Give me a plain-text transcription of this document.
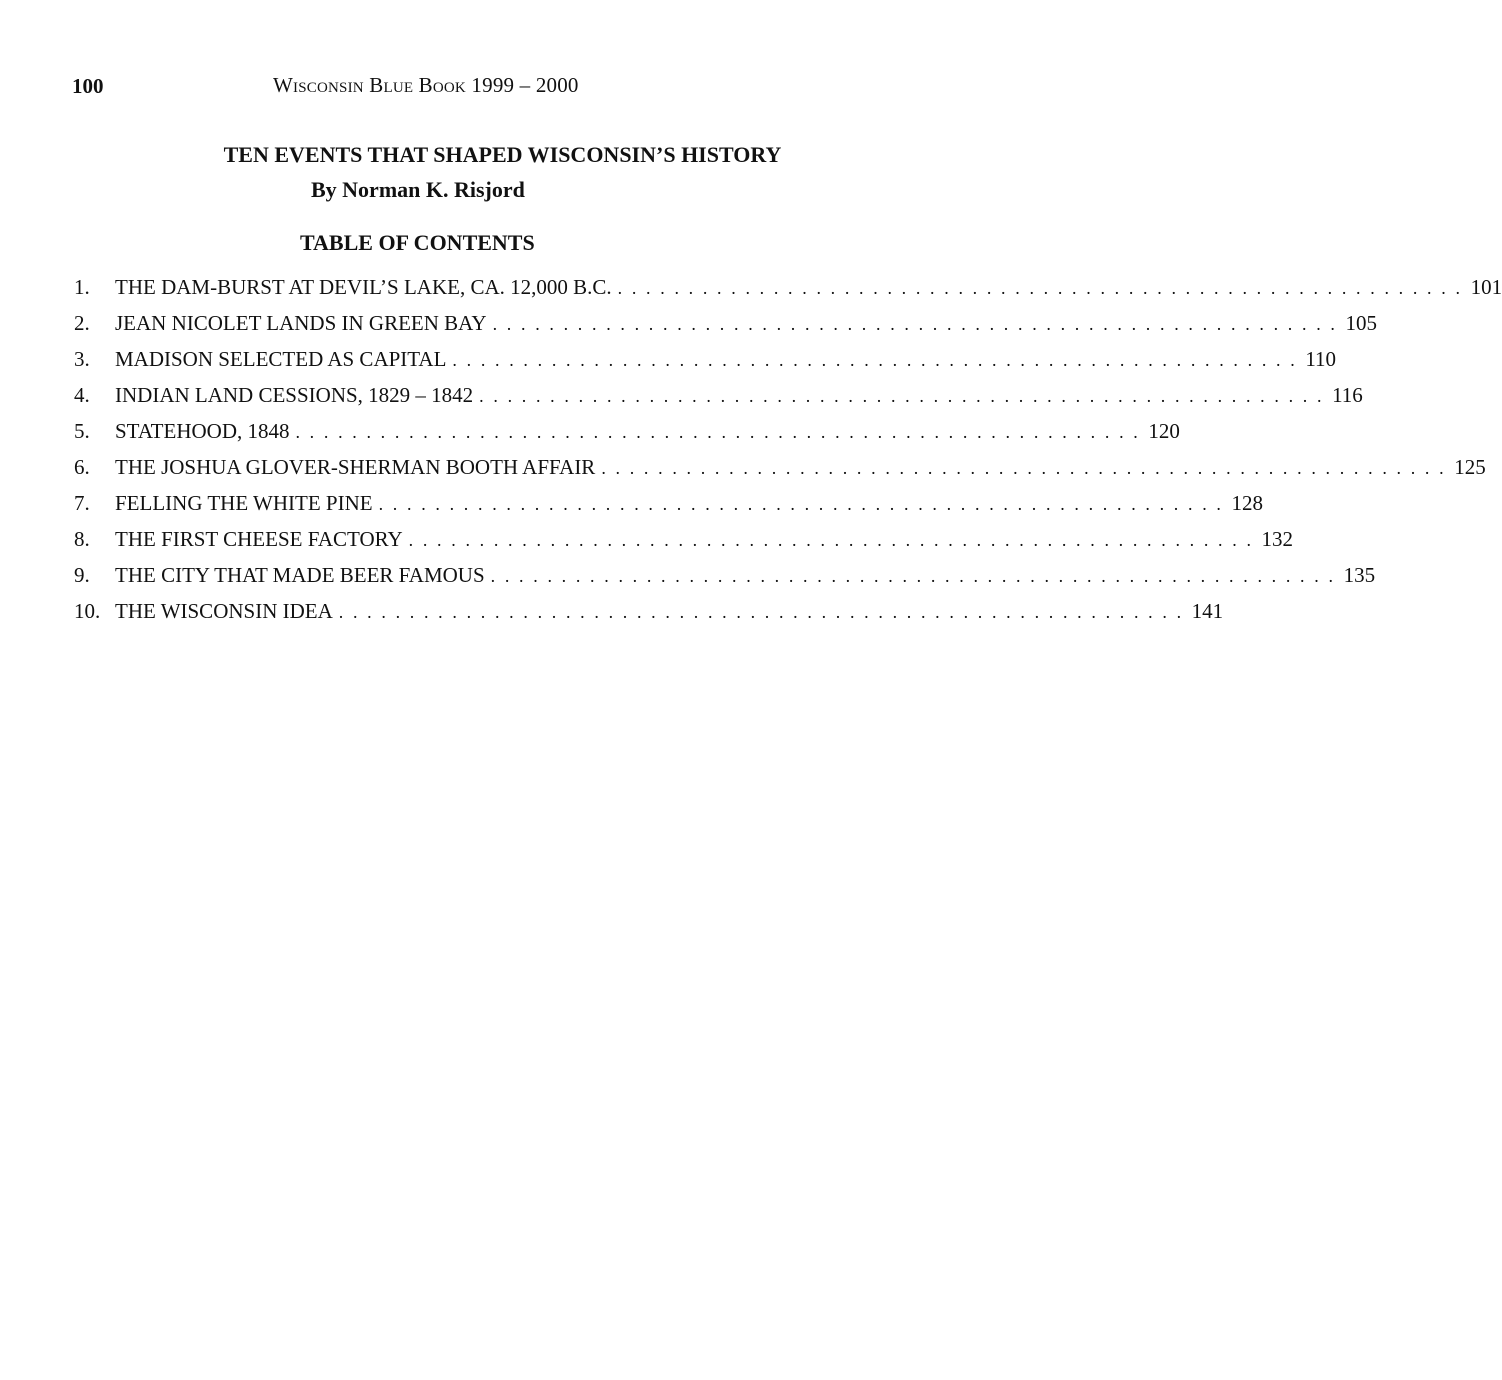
100	Wisconsin Blue Book 1999 – 2000
TEN EVENTS THAT SHAPED WISCONSIN’S HISTORY
By Norman K. Risjord
TABLE OF CONTENTS
1.	THE DAM-BURST AT DEVIL’S LAKE, CA. 12,000 B.C. . . . . . . . . . . . . . . . . . . . . . . . . . . . . . . . . . . . . . . . . . . . . . . . . . . . . . . . . . . . . 101
2.	JEAN NICOLET LANDS IN GREEN BAY . . . . . . . . . . . . . . . . . . . . . . . . . . . . . . . . . . . . . . . . . . . . . . . . . . . . . . . . . . . . 105
3.	MADISON SELECTED AS CAPITAL . . . . . . . . . . . . . . . . . . . . . . . . . . . . . . . . . . . . . . . . . . . . . . . . . . . . . . . . . . . . 110
4.	INDIAN LAND CESSIONS, 1829 – 1842 . . . . . . . . . . . . . . . . . . . . . . . . . . . . . . . . . . . . . . . . . . . . . . . . . . . . . . . . . . . . 116
5.	STATEHOOD, 1848 . . . . . . . . . . . . . . . . . . . . . . . . . . . . . . . . . . . . . . . . . . . . . . . . . . . . . . . . . . . . 120
6.	THE JOSHUA GLOVER-SHERMAN BOOTH AFFAIR . . . . . . . . . . . . . . . . . . . . . . . . . . . . . . . . . . . . . . . . . . . . . . . . . . . . . . . . . . . . 125
7.	FELLING THE WHITE PINE . . . . . . . . . . . . . . . . . . . . . . . . . . . . . . . . . . . . . . . . . . . . . . . . . . . . . . . . . . . . 128
8.	THE FIRST CHEESE FACTORY . . . . . . . . . . . . . . . . . . . . . . . . . . . . . . . . . . . . . . . . . . . . . . . . . . . . . . . . . . . . 132
9.	THE CITY THAT MADE BEER FAMOUS . . . . . . . . . . . . . . . . . . . . . . . . . . . . . . . . . . . . . . . . . . . . . . . . . . . . . . . . . . . . 135
10. THE WISCONSIN IDEA . . . . . . . . . . . . . . . . . . . . . . . . . . . . . . . . . . . . . . . . . . . . . . . . . . . . . . . . . . . . 141
